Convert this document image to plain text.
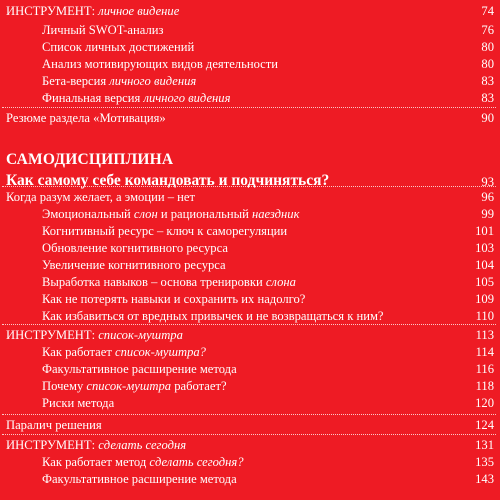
САМОДИСЦИПЛИНА
Как самому себе командовать и подчиняться?	93
ИНСТРУМЕНТ: личное видение	74
Личный SWOT-анализ	76
Список личных достижений	80
Анализ мотивирующих видов деятельности	80
Бета-версия личного видения	83
Финальная версия личного видения	83
Резюме раздела «Мотивация»	90
Когда разум желает, а эмоции – нет	96
Эмоциональный слон и рациональный наездник	99
Когнитивный ресурс – ключ к саморегуляции	101
Обновление когнитивного ресурса	103
Увеличение когнитивного ресурса	104
Выработка навыков – основа тренировки слона	105
Как не потерять навыки и сохранить их надолго?	109
Как избавиться от вредных привычек и не возвращаться к ним?	110
ИНСТРУМЕНТ: список-муштра	113
Как работает список-муштра?	114
Факультативное расширение метода	116
Почему список-муштра работает?	118
Риски метода	120
Паралич решения	124
ИНСТРУМЕНТ: сделать сегодня	131
Как работает метод сделать сегодня?	135
Факультативное расширение метода	143
